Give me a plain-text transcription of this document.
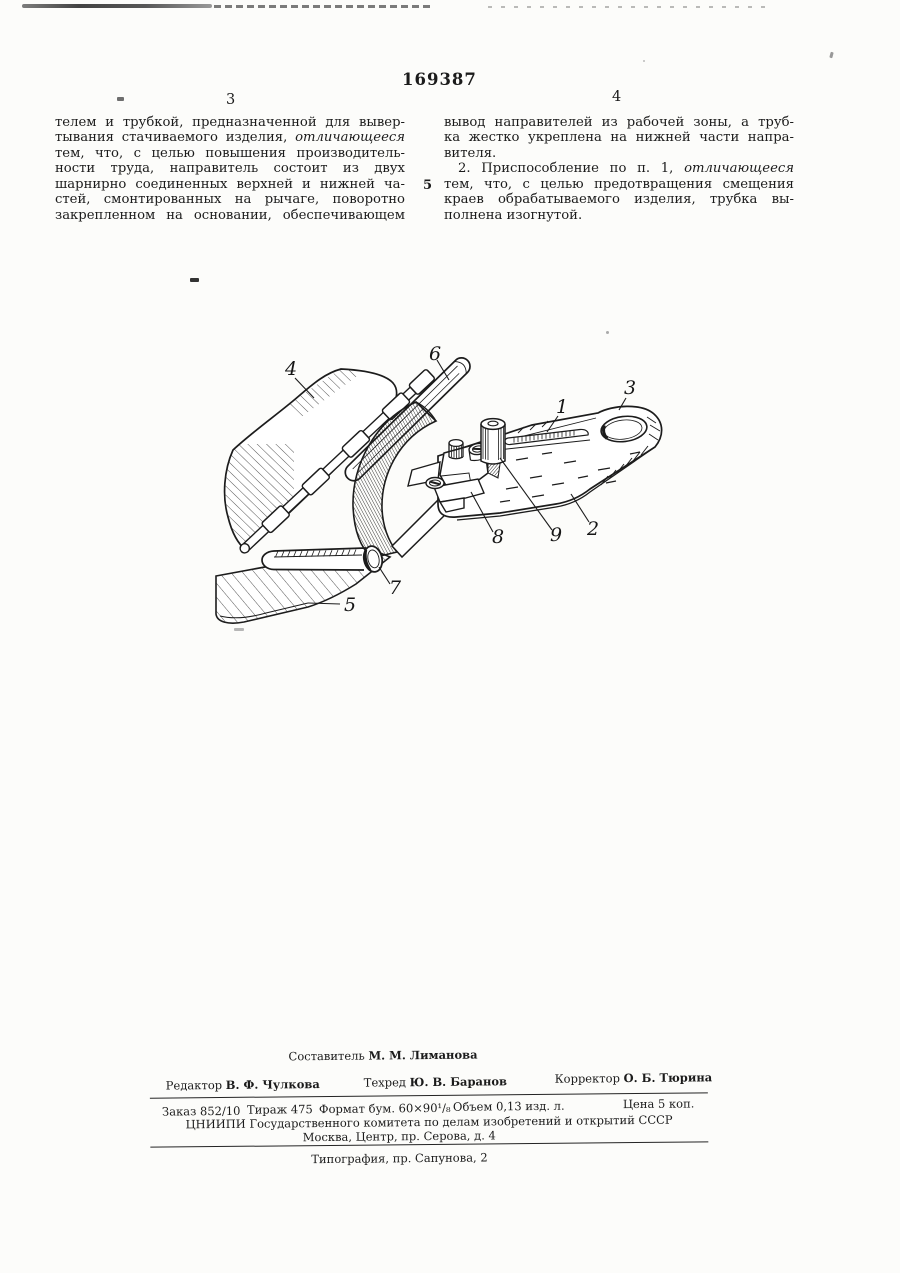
169387
3	4
5
телем и трубкой, предназначенной для вывер-
тывания стачиваемого изделия, отличающееся
тем, что, с целью повышения производитель-
ности труда, направитель состоит из двух
шарнирно соединенных верхней и нижней ча-
стей, смонтированных на рычаге, поворотно
закрепленном на основании, обеспечивающем
вывод направителей из рабочей зоны, а труб-
ка жестко укреплена на нижней части напра-
вителя.
2. Приспособление по п. 1, отличающееся
тем, что, с целью предотвращения смещения
краев обрабатываемого изделия, трубка вы-
полнена изогнутой.
4
6
3
1
2
9
8
7
5
Составитель М. М. Лиманова
Редактор В. Ф. Чулкова	Техред Ю. В. Баранов	Корректор О. Б. Тюрина
Заказ 852/10 Тираж 475 Формат бум. 60×90¹/₈ Объем 0,13 изд. л.	Цена 5 коп.
ЦНИИПИ Государственного комитета по делам изобретений и открытий СССР
Москва, Центр, пр. Серова, д. 4
Типография, пр. Сапунова, 2
